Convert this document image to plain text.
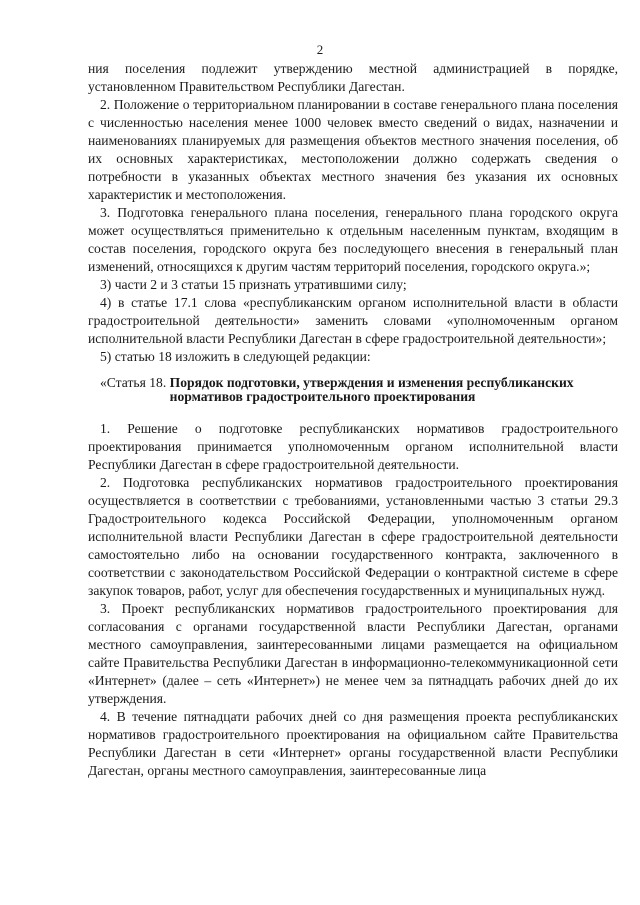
2

ния поселения подлежит утверждению местной администрацией в порядке, установленном Правительством Республики Дагестан.

2. Положение о территориальном планировании в составе генерального плана поселения с численностью населения менее 1000 человек вместо сведений о видах, назначении и наименованиях планируемых для размещения объектов местного значения поселения, об их основных характеристиках, местоположении должно содержать сведения о потребности в указанных объектах местного значения без указания их основных характеристик и местоположения.

3. Подготовка генерального плана поселения, генерального плана городского округа может осуществляться применительно к отдельным населенным пунктам, входящим в состав поселения, городского округа без последующего внесения в генеральный план изменений, относящихся к другим частям территорий поселения, городского округа.»;

3) части 2 и 3 статьи 15 признать утратившими силу;

4) в статье 17.1 слова «республиканским органом исполнительной власти в области градостроительной деятельности» заменить словами «уполномоченным органом исполнительной власти Республики Дагестан в сфере градостроительной деятельности»;

5) статью 18 изложить в следующей редакции:

«Статья 18. Порядок подготовки, утверждения и изменения республиканских нормативов градостроительного проектирования

1. Решение о подготовке республиканских нормативов градостроительного проектирования принимается уполномоченным органом исполнительной власти Республики Дагестан в сфере градостроительной деятельности.

2. Подготовка республиканских нормативов градостроительного проектирования осуществляется в соответствии с требованиями, установленными частью 3 статьи 29.3 Градостроительного кодекса Российской Федерации, уполномоченным органом исполнительной власти Республики Дагестан в сфере градостроительной деятельности самостоятельно либо на основании государственного контракта, заключенного в соответствии с законодательством Российской Федерации о контрактной системе в сфере закупок товаров, работ, услуг для обеспечения государственных и муниципальных нужд.

3. Проект республиканских нормативов градостроительного проектирования для согласования с органами государственной власти Республики Дагестан, органами местного самоуправления, заинтересованными лицами размещается на официальном сайте Правительства Республики Дагестан в информационно-телекоммуникационной сети «Интернет» (далее – сеть «Интернет») не менее чем за пятнадцать рабочих дней до их утверждения.

4. В течение пятнадцати рабочих дней со дня размещения проекта республиканских нормативов градостроительного проектирования на официальном сайте Правительства Республики Дагестан в сети «Интернет» органы государственной власти Республики Дагестан, органы местного самоуправления, заинтересованные лица
